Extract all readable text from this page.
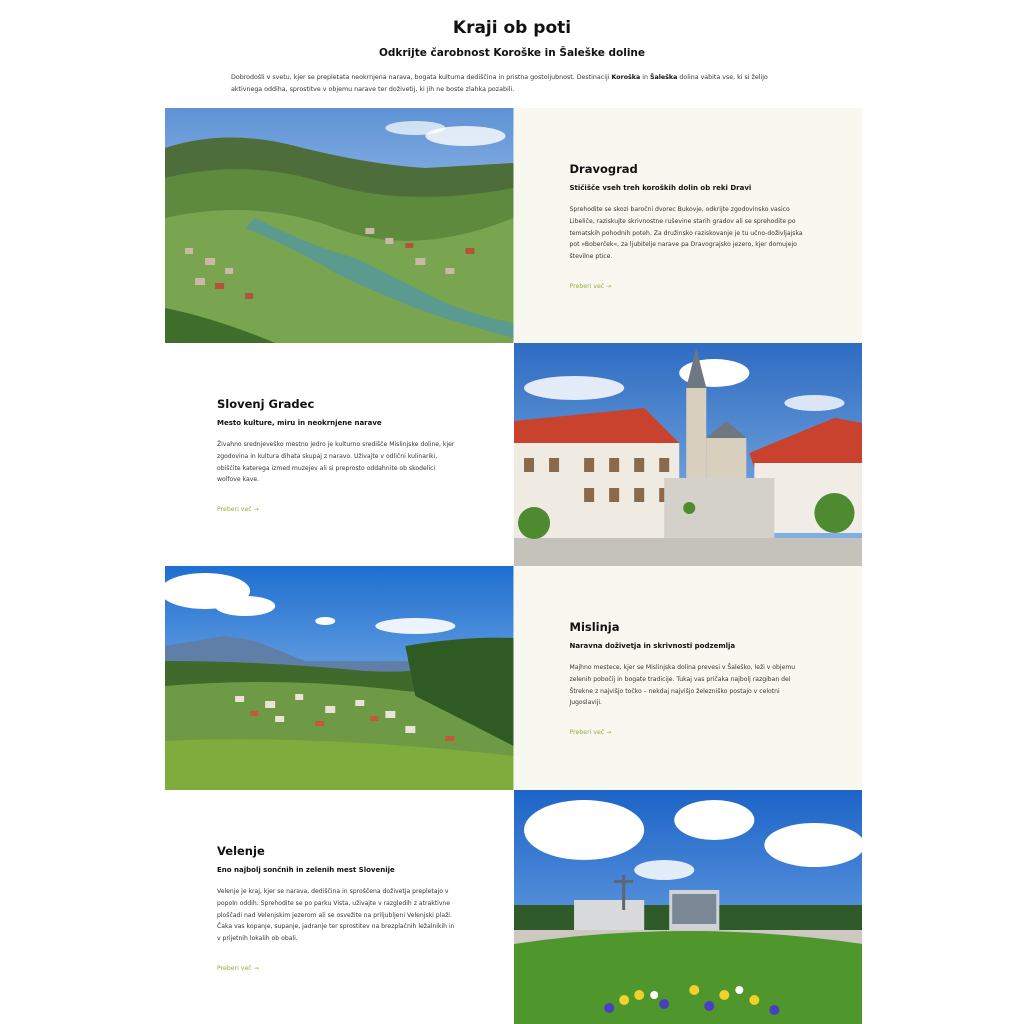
Kraji ob poti
Odkrijte čarobnost Koroške in Šaleške doline

Dobrodošli v svetu, kjer se prepletata neokrnjena narava, bogata kulturna dediščina in pristna gostoljubnost. Destinaciji Koroška in Šaleška dolina vabita vse, ki si želijo aktivnega oddiha, sprostitve v objemu narave ter doživetij, ki jih ne boste zlahka pozabili.

Dravograd
Stičišče vseh treh koroških dolin ob reki Dravi
Sprehodite se skozi baročni dvorec Bukovje, odkrijte zgodovinsko vasico Libeliče, raziskujte skrivnostne ruševine starih gradov ali se sprehodite po tematskih pohodnih poteh. Za družinsko raziskovanje je tu učno-doživljajska pot »Boberček«, za ljubitelje narave pa Dravograjsko jezero, kjer domujejo številne ptice.
Preberi več →
Slovenj Gradec
Mesto kulture, miru in neokrnjene narave
Živahno srednjeveško mestno jedro je kulturno središče Mislinjske doline, kjer zgodovina in kultura dihata skupaj z naravo. Uživajte v odlični kulinariki, obiščite katerega izmed muzejev ali si preprosto oddahnite ob skodelici wolfove kave.
Preberi več →
Mislinja
Naravna doživetja in skrivnosti podzemlja
Majhno mestece, kjer se Mislinjska dolina prevesi v Šaleško, leži v objemu zelenih pobočij in bogate tradicije. Tukaj vas pričaka najbolj razgiban del Štrekne z najvišjo točko – nekdaj najvišjo železniško postajo v celotni Jugoslaviji.
Preberi več →
Velenje
Eno najbolj sončnih in zelenih mest Slovenije
Velenje je kraj, kjer se narava, dediščina in sproščena doživetja prepletajo v popoln oddih. Sprehodite se po parku Vista, uživajte v razgledih z atraktivne ploščadi nad Velenjskim jezerom ali se osvežite na priljubljeni Velenjski plaži. Čaka vas kopanje, supanje, jadranje ter sprostitev na brezplačnih ležalnikih in v prijetnih lokalih ob obali.
Preberi več →
